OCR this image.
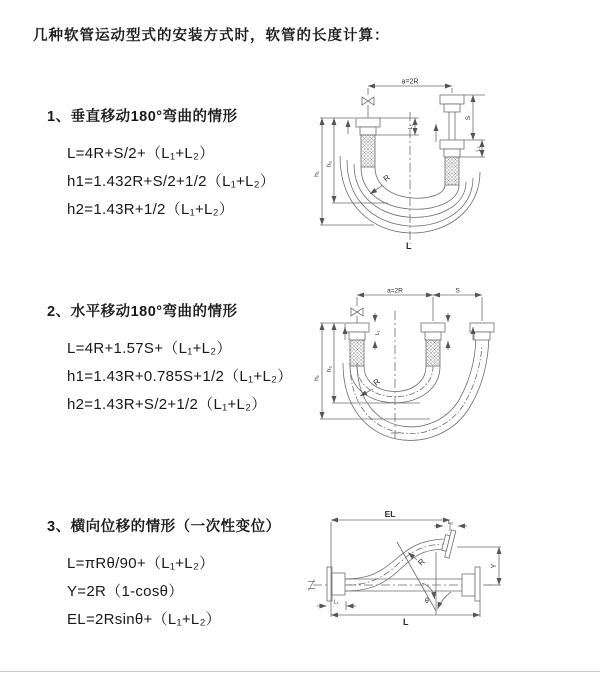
几种软管运动型式的安装方式时，软管的长度计算：
1、垂直移动180°弯曲的情形
L=4R+S/2+（L₁+L₂）
h1=1.432R+S/2+1/2（L₁+L₂）
h2=1.43R+1/2（L₁+L₂）
a=2R
h₁
h₂
L₁
S
L₂
R
L
2、水平移动180°弯曲的情形
L=4R+1.57S+（L₁+L₂）
h1=1.43R+0.785S+1/2（L₁+L₂）
h2=1.43R+S/2+1/2（L₁+L₂）
a=2R	S
h₁
h₂
L₁
R
3、横向位移的情形（一次性变位）
L=πRθ/90+（L₁+L₂）
Y=2R（1-cosθ）
EL=2Rsinθ+（L₁+L₂）
EL
L₂
L₁
L
Y
R
θ
